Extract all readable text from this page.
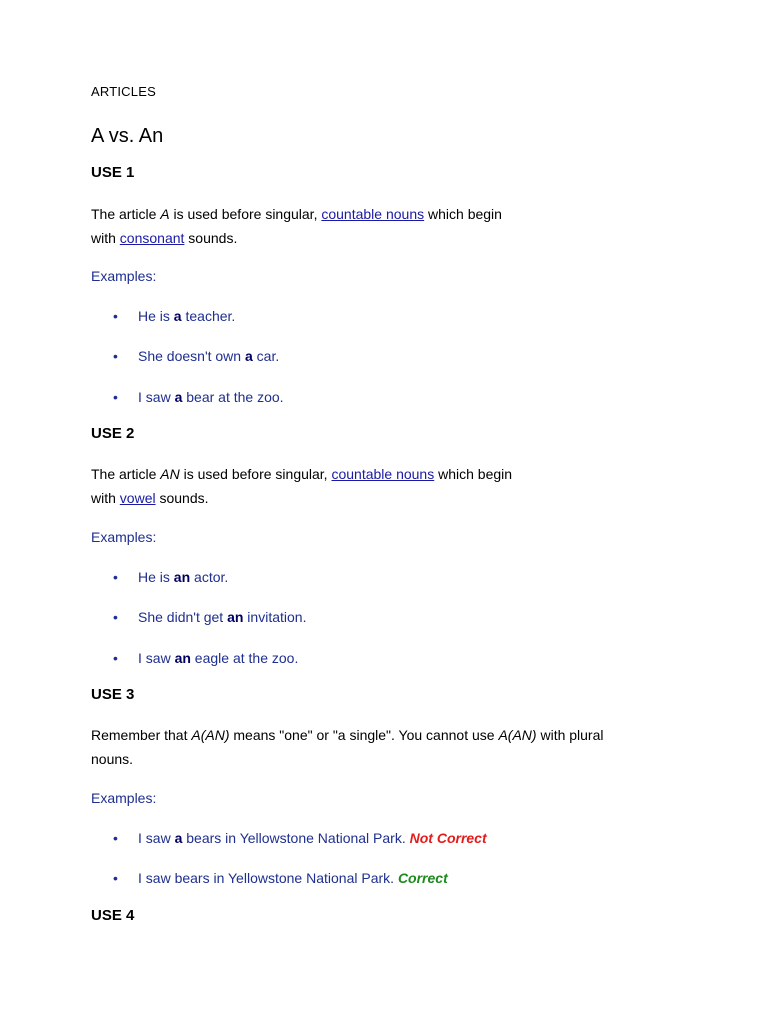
ARTICLES

A vs. An
USE 1
The article A is used before singular, countable nouns which begin
with consonant sounds.

Examples:

• He is a teacher.
• She doesn't own a car.
• I saw a bear at the zoo.
USE 2
The article AN is used before singular, countable nouns which begin
with vowel sounds.

Examples:

• He is an actor.
• She didn't get an invitation.
• I saw an eagle at the zoo.
USE 3
Remember that A(AN) means "one" or "a single". You cannot use A(AN) with plural
nouns.

Examples:

• I saw a bears in Yellowstone National Park. Not Correct
• I saw bears in Yellowstone National Park. Correct
USE 4
